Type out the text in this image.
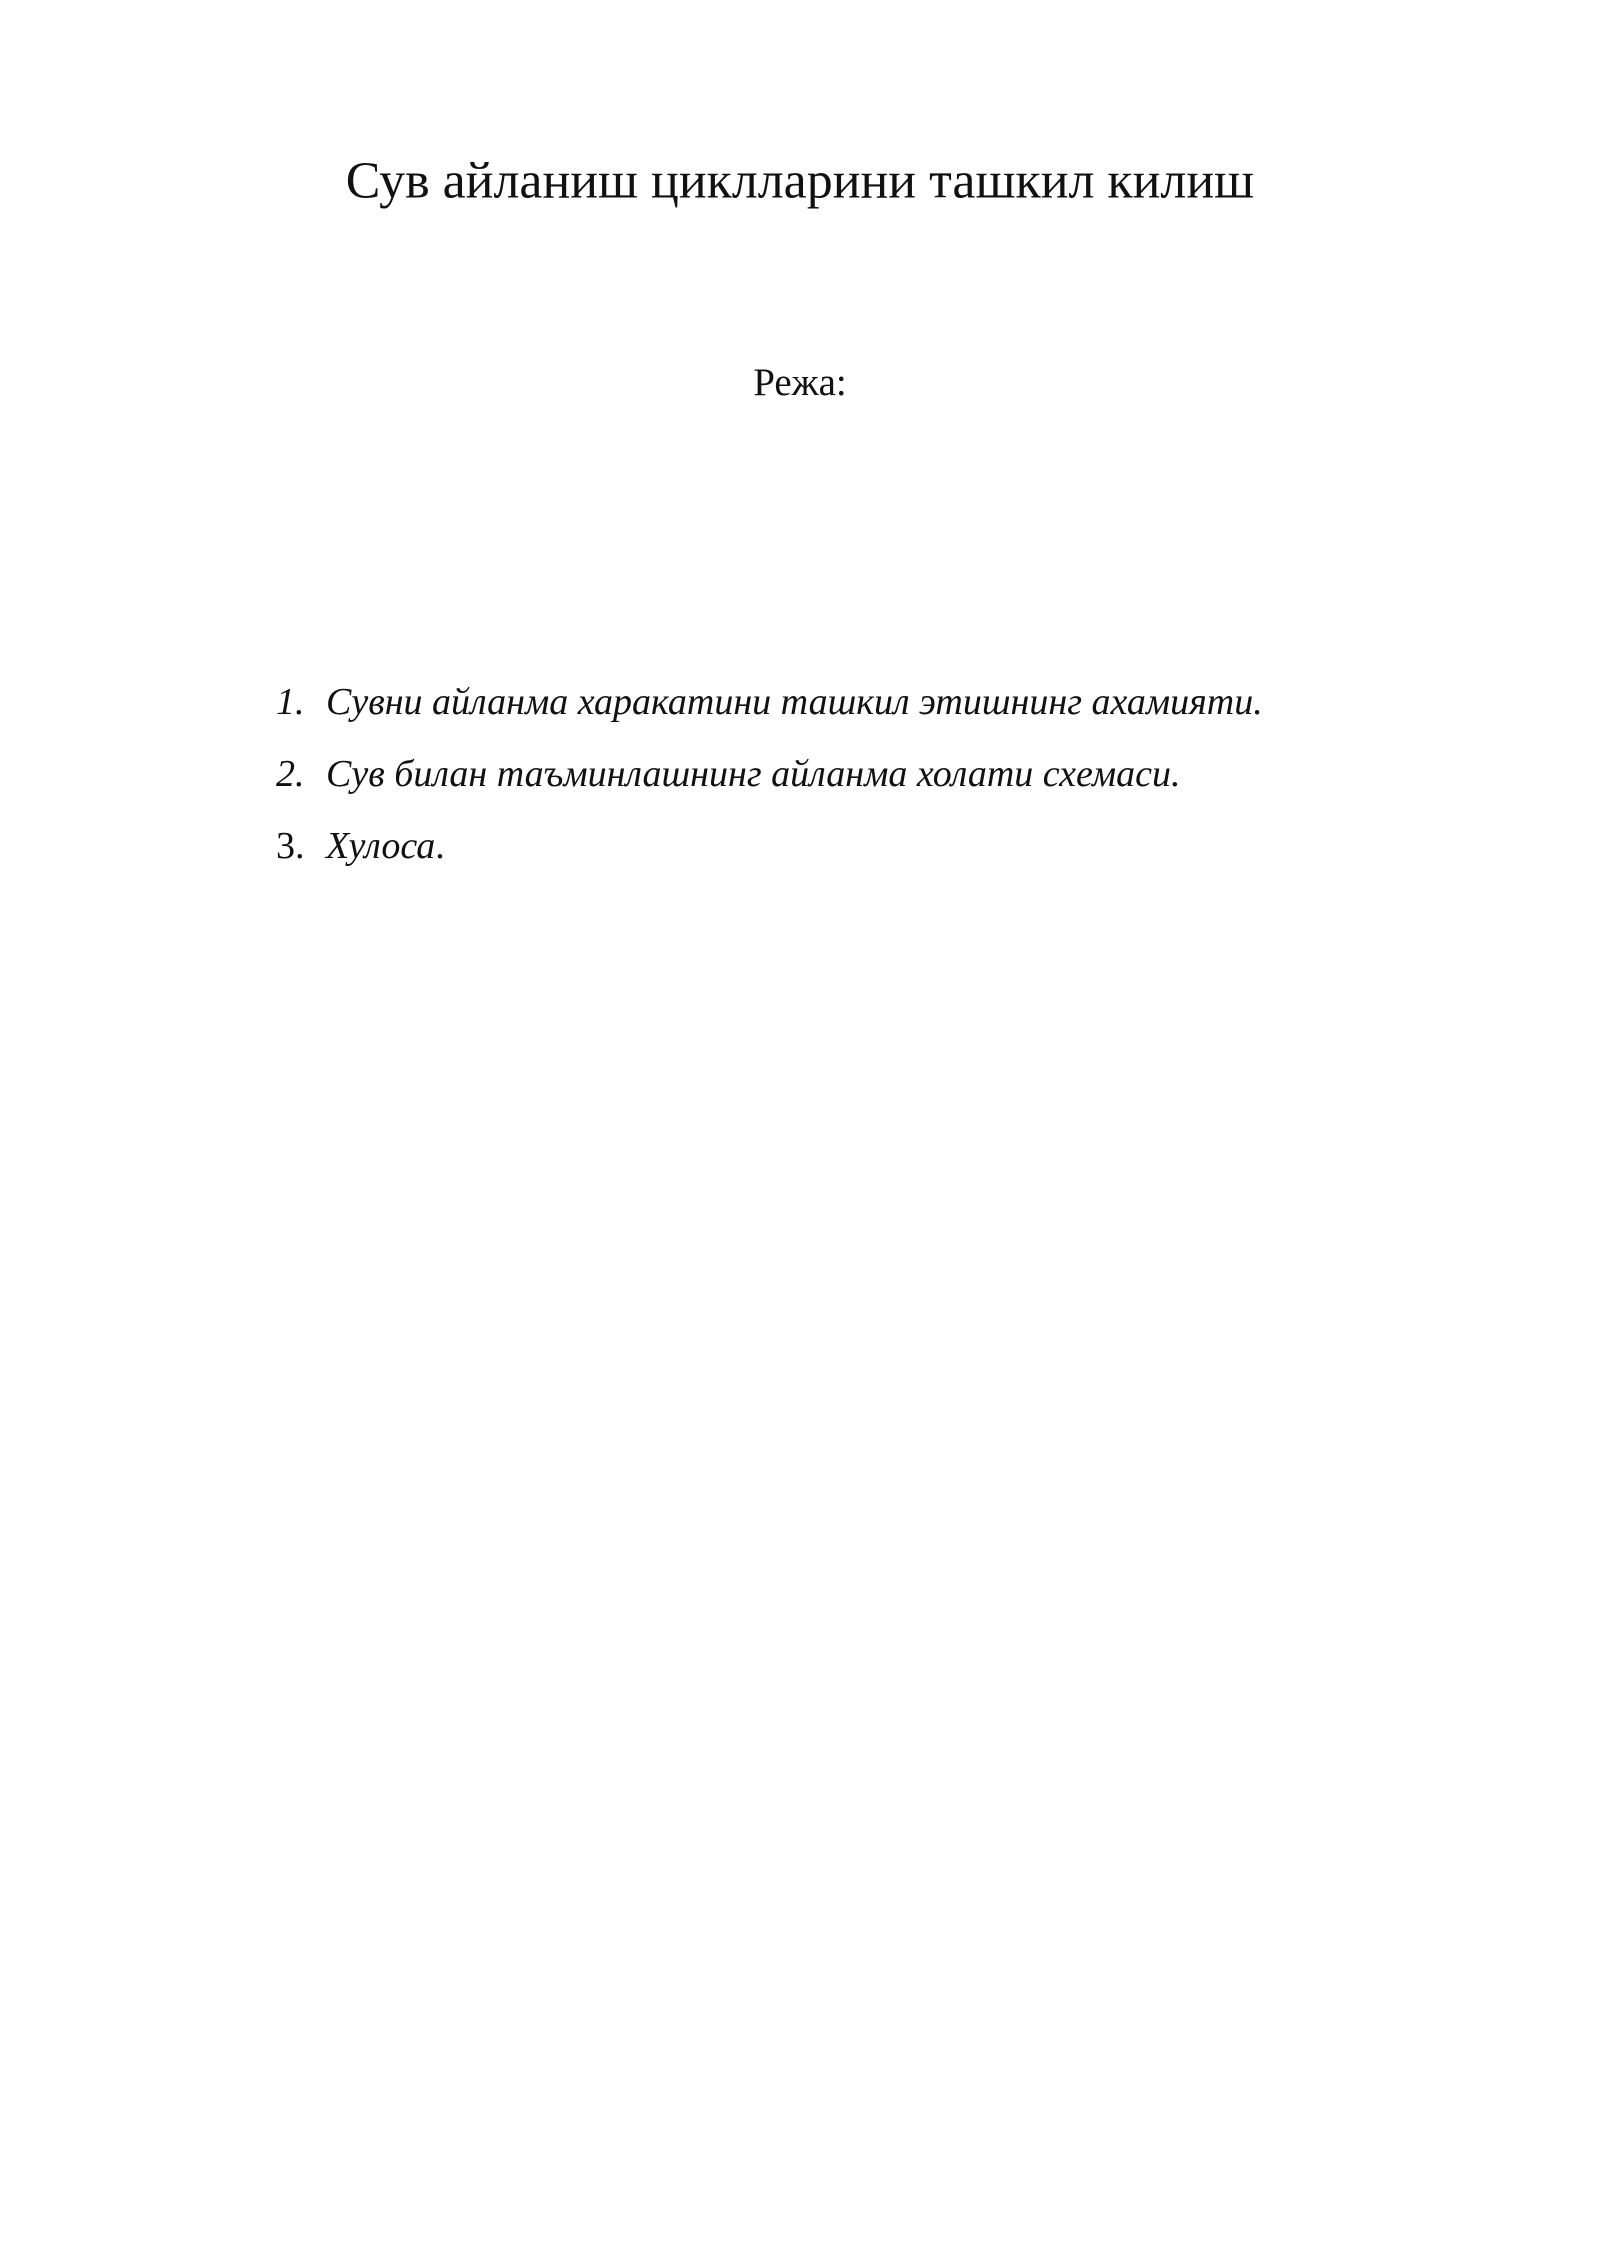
Сув айланиш циклларини ташкил килиш
Режа:
1. Сувни айланма харакатини ташкил этишнинг ахамияти.
2. Сув билан таъминлашнинг айланма холати схемаси.
3. Хулоса .
